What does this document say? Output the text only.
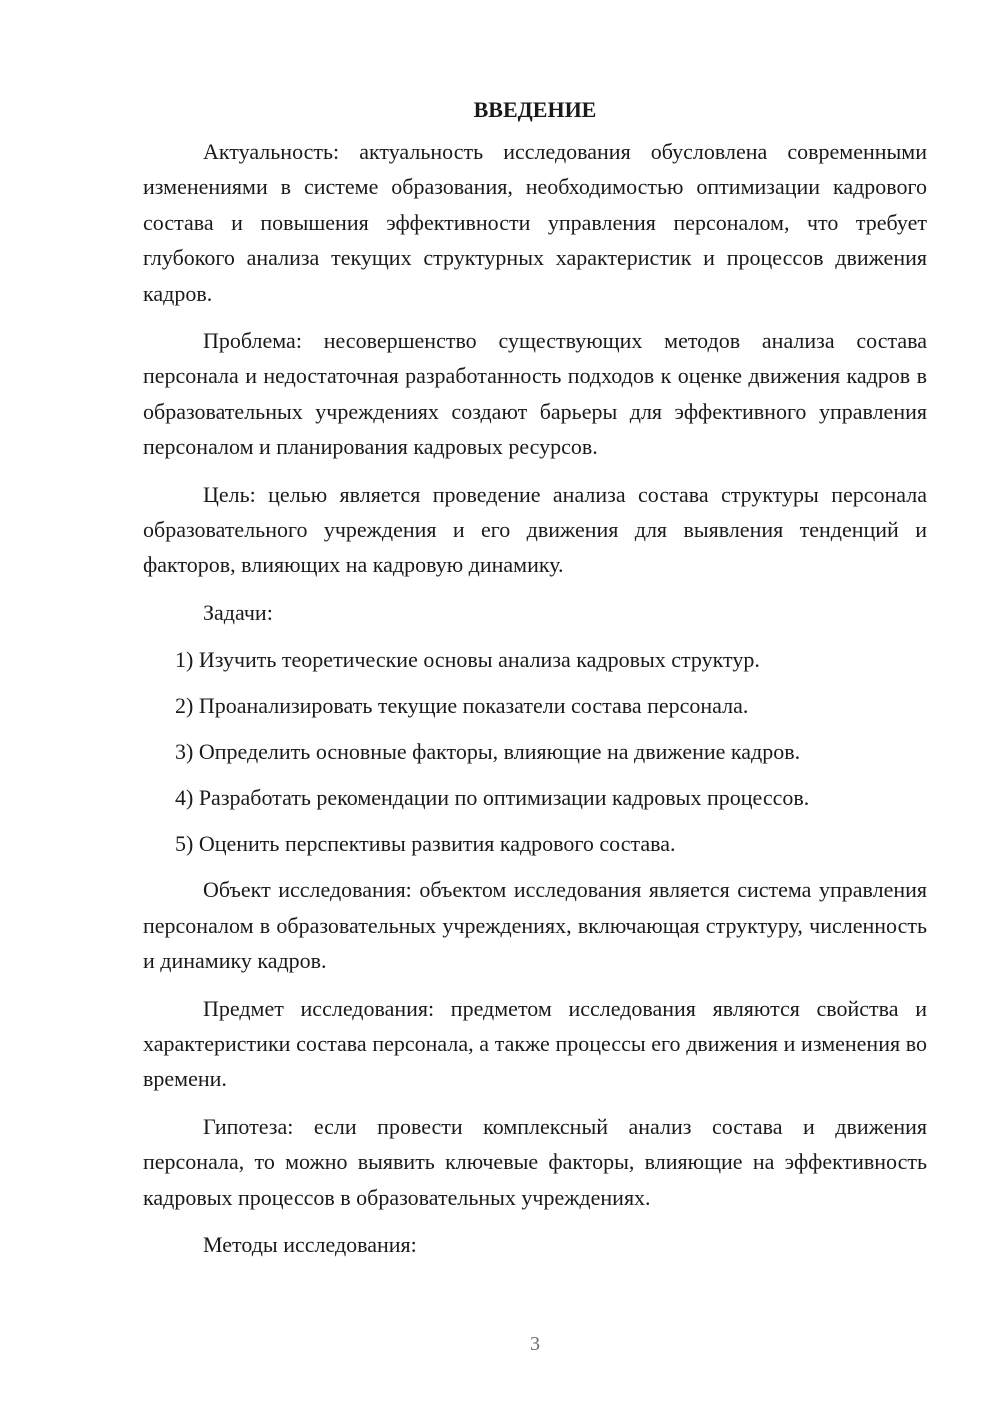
ВВЕДЕНИЕ

Актуальность: актуальность исследования обусловлена современными изменениями в системе образования, необходимостью оптимизации кадрового состава и повышения эффективности управления персоналом, что требует глубокого анализа текущих структурных характеристик и процессов движения кадров.

Проблема: несовершенство существующих методов анализа состава персонала и недостаточная разработанность подходов к оценке движения кадров в образовательных учреждениях создают барьеры для эффективного управления персоналом и планирования кадровых ресурсов.

Цель: целью является проведение анализа состава структуры персонала образовательного учреждения и его движения для выявления тенденций и факторов, влияющих на кадровую динамику.

Задачи:

1) Изучить теоретические основы анализа кадровых структур.
2) Проанализировать текущие показатели состава персонала.
3) Определить основные факторы, влияющие на движение кадров.
4) Разработать рекомендации по оптимизации кадровых процессов.
5) Оценить перспективы развития кадрового состава.

Объект исследования: объектом исследования является система управления персоналом в образовательных учреждениях, включающая структуру, численность и динамику кадров.

Предмет исследования: предметом исследования являются свойства и характеристики состава персонала, а также процессы его движения и изменения во времени.

Гипотеза: если провести комплексный анализ состава и движения персонала, то можно выявить ключевые факторы, влияющие на эффективность кадровых процессов в образовательных учреждениях.

Методы исследования:

3
